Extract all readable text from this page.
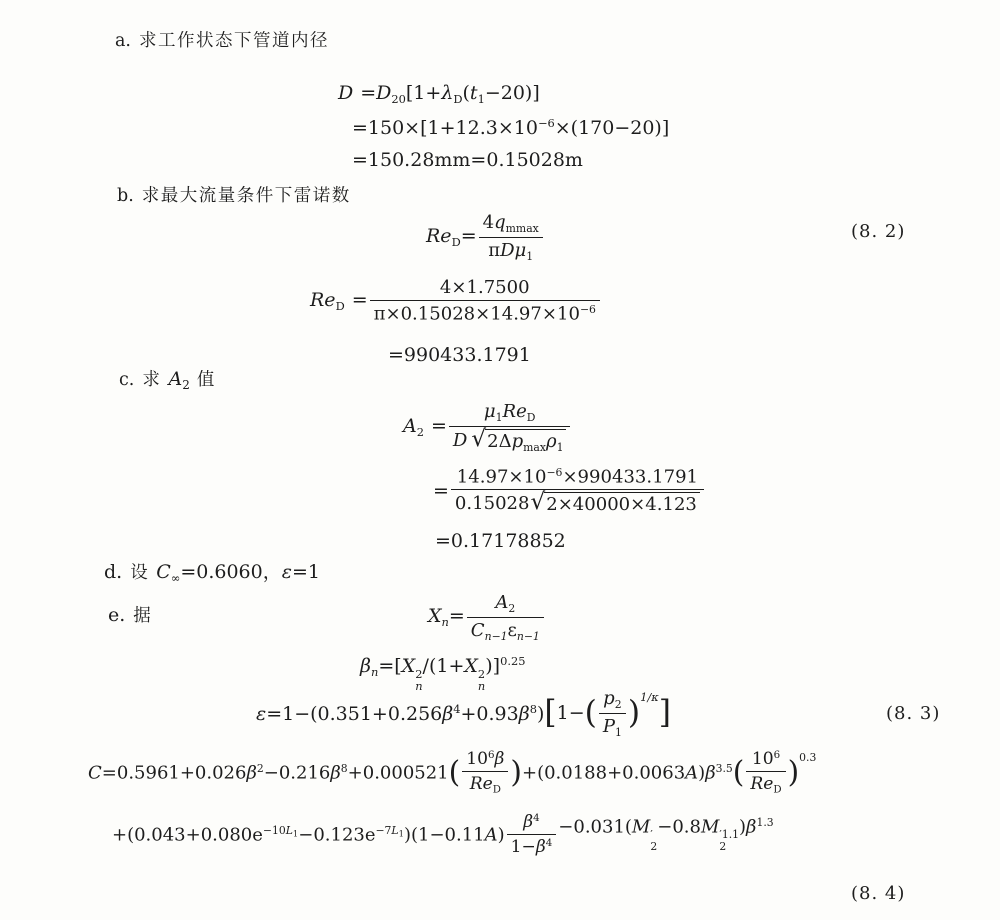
a. 求工作状态下管道内径
$D =D_{20}[1+\lambda_D(t_1-20)]$
$=150\times[1+12.3\times 10^{-6}\times(170-20)]$
=150.28mm=0.15028m
b. 求最大流量条件下雷诺数
$Re_D= \frac{4q_{mmax}}{\pi D\mu_1}$	(8. 2)
$Re_D = \frac{4\times 1.7500}{\pi\times 0.15028\times 14.97\times 10^{-6}}$
=990433.1791
c. 求 $A_2$ 值
$A_2 = \frac{\mu_1Re_D}{D √ 2\Delta p_{max}\rho_1}$
= $\frac{14.97\times 10^{-6}\times 990433.1791}{0.15028 √ 2\times 40000\times 4.123}$
=0.17178852
d. 设 $C_\infty=0.6060$，ε=1
e. 据	$X_n= \frac{A_2}{C_{n-1}\varepsilon_{n-1}}$
$\beta_n=[X$ 2
n
/(1+X 2
n
)]$^{0.25}$
$\varepsilon=1-(0.351+0.256\beta^4+0.93\beta^8)$ [ 1− ( $\frac{p_2}{P_1}$ ) 1/κ ]	(8. 3)
$C=0.5961+0.026\beta^2-0.216\beta^8+0.000521$ ( $\frac{10^6\beta}{Re_D}$ ) $+(0.0188+0.0063A)\beta^{3.5}$ ( $\frac{10^6}{Re_D}$ ) 0.3
$+(0.043+0.080e^{-10L_1}-0.123e^{-7L_1})(1-0.11A) \frac{\beta^4}{1-\beta^4} -0.031(M$ ′
2
−0.8M ′1.1
2
)$\beta^{1.3}$
(8. 4)
